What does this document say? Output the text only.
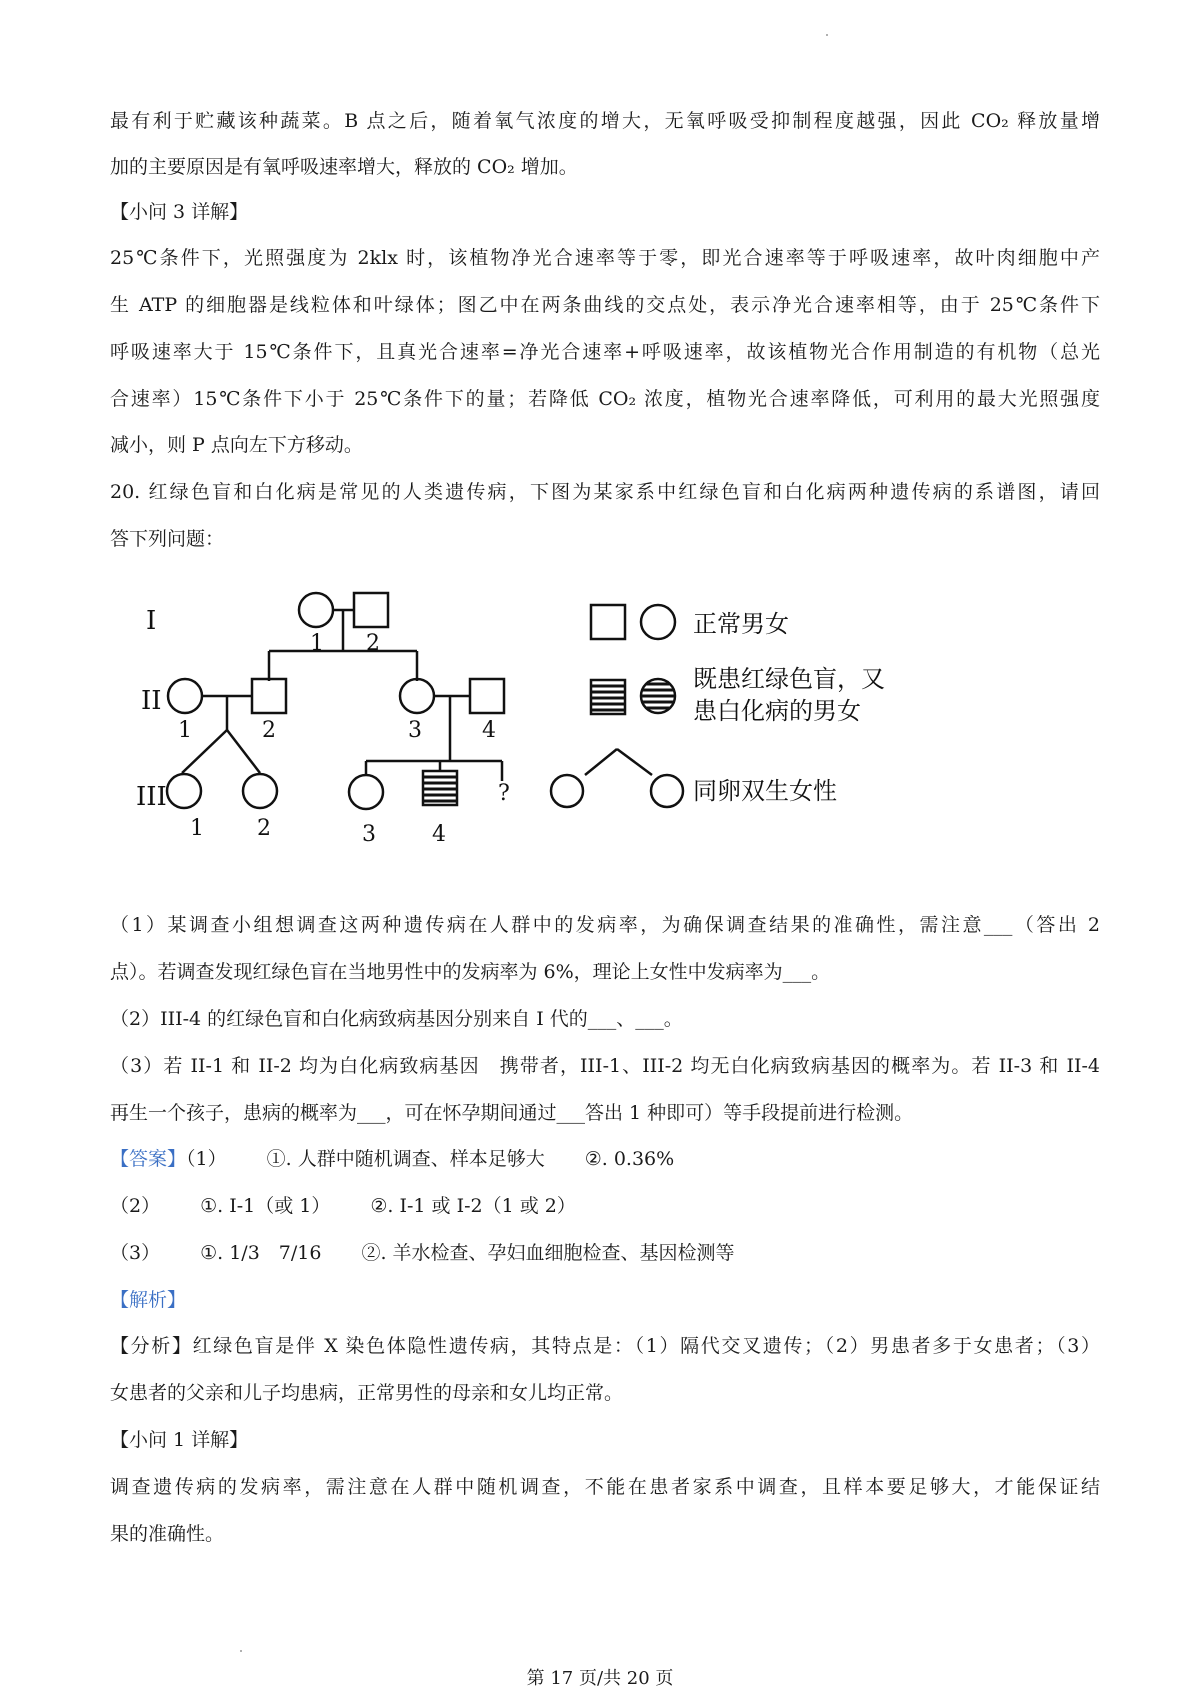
最有利于贮藏该种蔬菜。B 点之后，随着氧气浓度的增大，无氧呼吸受抑制程度越强，因此 CO₂ 释放量增
加的主要原因是有氧呼吸速率增大，释放的 CO₂ 增加。
【小问 3 详解】
25℃条件下，光照强度为 2klx 时，该植物净光合速率等于零，即光合速率等于呼吸速率，故叶肉细胞中产
生 ATP 的细胞器是线粒体和叶绿体；图乙中在两条曲线的交点处，表示净光合速率相等，由于 25℃条件下
呼吸速率大于 15℃条件下，且真光合速率=净光合速率+呼吸速率，故该植物光合作用制造的有机物（总光
合速率）15℃条件下小于 25℃条件下的量；若降低 CO₂ 浓度，植物光合速率降低，可利用的最大光照强度
减小，则 P 点向左下方移动。
20. 红绿色盲和白化病是常见的人类遗传病，下图为某家系中红绿色盲和白化病两种遗传病的系谱图，请回
答下列问题：
I
II
III
1 2
1	2	3	4
1 2
?
3	4
正常男女
既患红绿色盲，又
患白化病的男女
同卵双生女性
（1）某调查小组想调查这两种遗传病在人群中的发病率，为确保调查结果的准确性，需注意___（答出 2
点）。若调查发现红绿色盲在当地男性中的发病率为 6%，理论上女性中发病率为___。
（2）III-4 的红绿色盲和白化病致病基因分别来自 I 代的___、___。
（3）若 II-1 和 II-2 均为白化病致病基因　携带者，III-1、III-2 均无白化病致病基因的概率为。若 II-3 和 II-4
再生一个孩子，患病的概率为___，可在怀孕期间通过___答出 1 种即可）等手段提前进行检测。
【答案】（1） ①. 人群中随机调查、样本足够大 ②. 0.36%
（2） ①. I-1（或 1） ②. I-1 或 I-2（1 或 2）
（3） ①. 1/3　7/16 ②. 羊水检查、孕妇血细胞检查、基因检测等
【解析】
【分析】红绿色盲是伴 X 染色体隐性遗传病，其特点是：（1）隔代交叉遗传；（2）男患者多于女患者；（3）
女患者的父亲和儿子均患病，正常男性的母亲和女儿均正常。
【小问 1 详解】
调查遗传病的发病率，需注意在人群中随机调查，不能在患者家系中调查，且样本要足够大，才能保证结
果的准确性。
第 17 页/共 20 页
